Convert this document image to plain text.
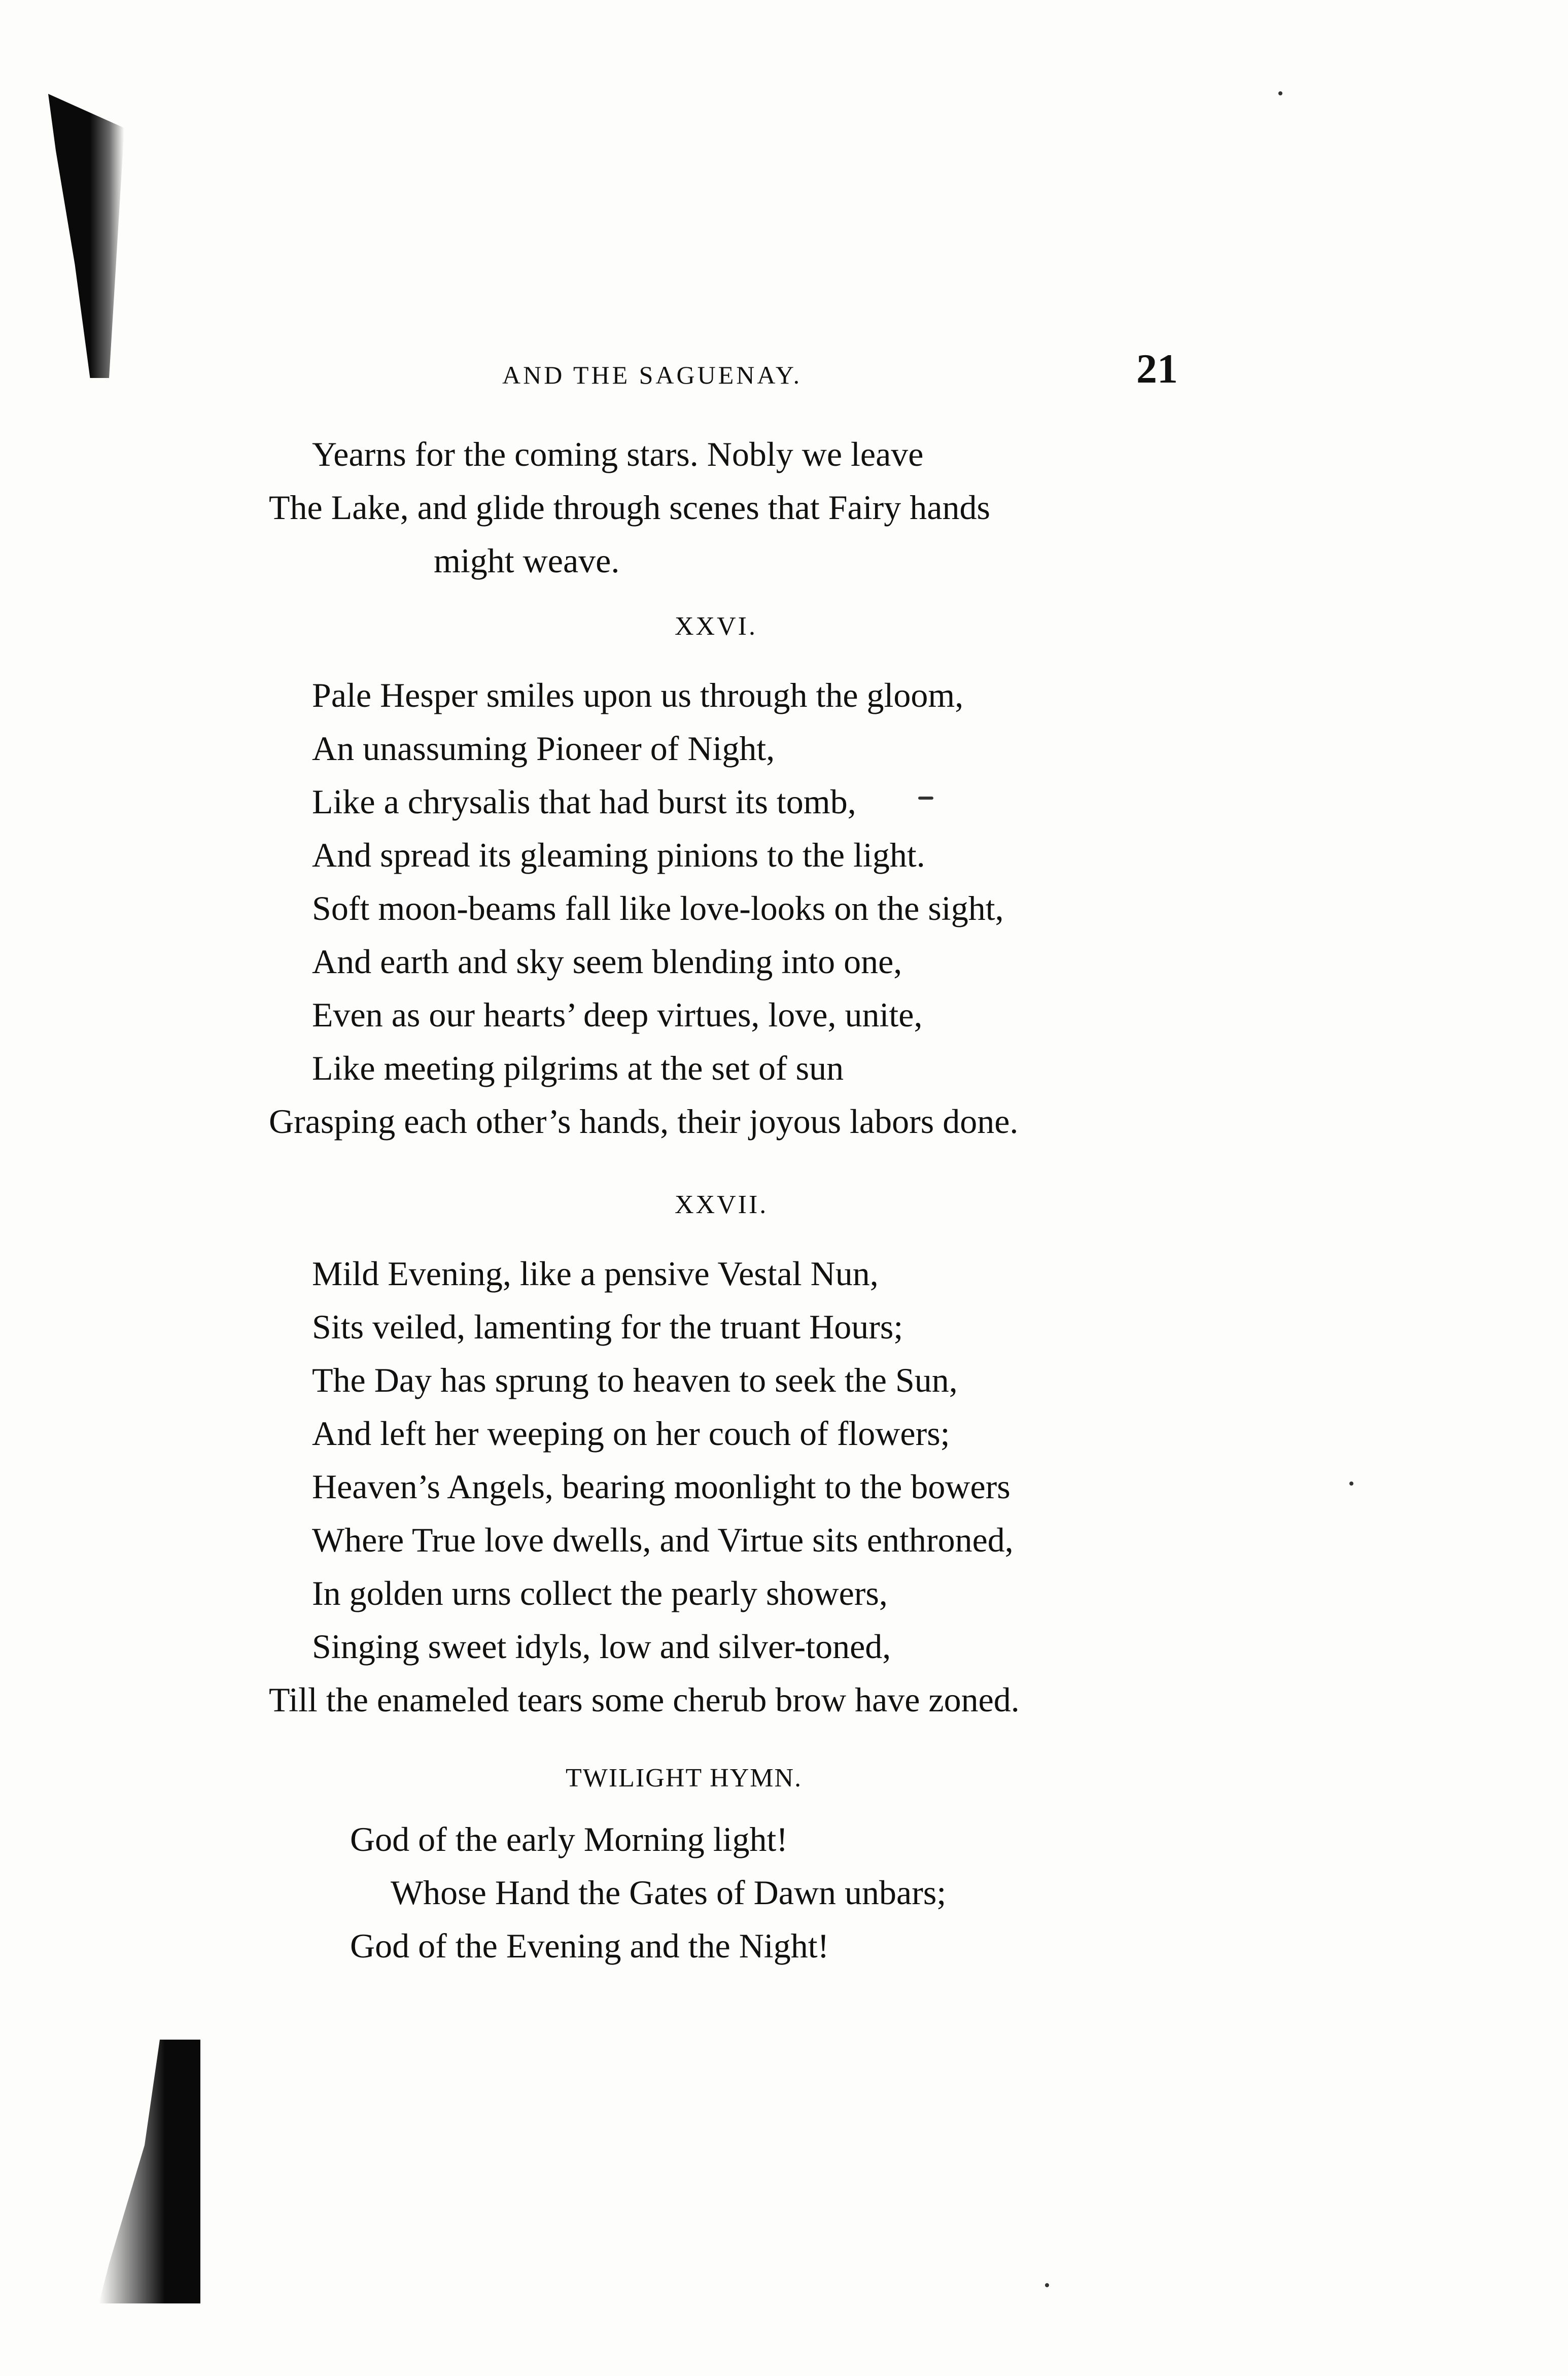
AND THE SAGUENAY.	21
Yearns for the coming stars. Nobly we leave
The Lake, and glide through scenes that Fairy hands
might weave.
XXVI.
Pale Hesper smiles upon us through the gloom,
An unassuming Pioneer of Night,
Like a chrysalis that had burst its tomb,
And spread its gleaming pinions to the light.
Soft moon-beams fall like love-looks on the sight,
And earth and sky seem blending into one,
Even as our hearts’ deep virtues, love, unite,
Like meeting pilgrims at the set of sun
Grasping each other’s hands, their joyous labors done.
XXVII.
Mild Evening, like a pensive Vestal Nun,
Sits veiled, lamenting for the truant Hours;
The Day has sprung to heaven to seek the Sun,
And left her weeping on her couch of flowers;
Heaven’s Angels, bearing moonlight to the bowers
Where True love dwells, and Virtue sits enthroned,
In golden urns collect the pearly showers,
Singing sweet idyls, low and silver-toned,
Till the enameled tears some cherub brow have zoned.
TWILIGHT HYMN.
God of the early Morning light!
Whose Hand the Gates of Dawn unbars;
God of the Evening and the Night!
